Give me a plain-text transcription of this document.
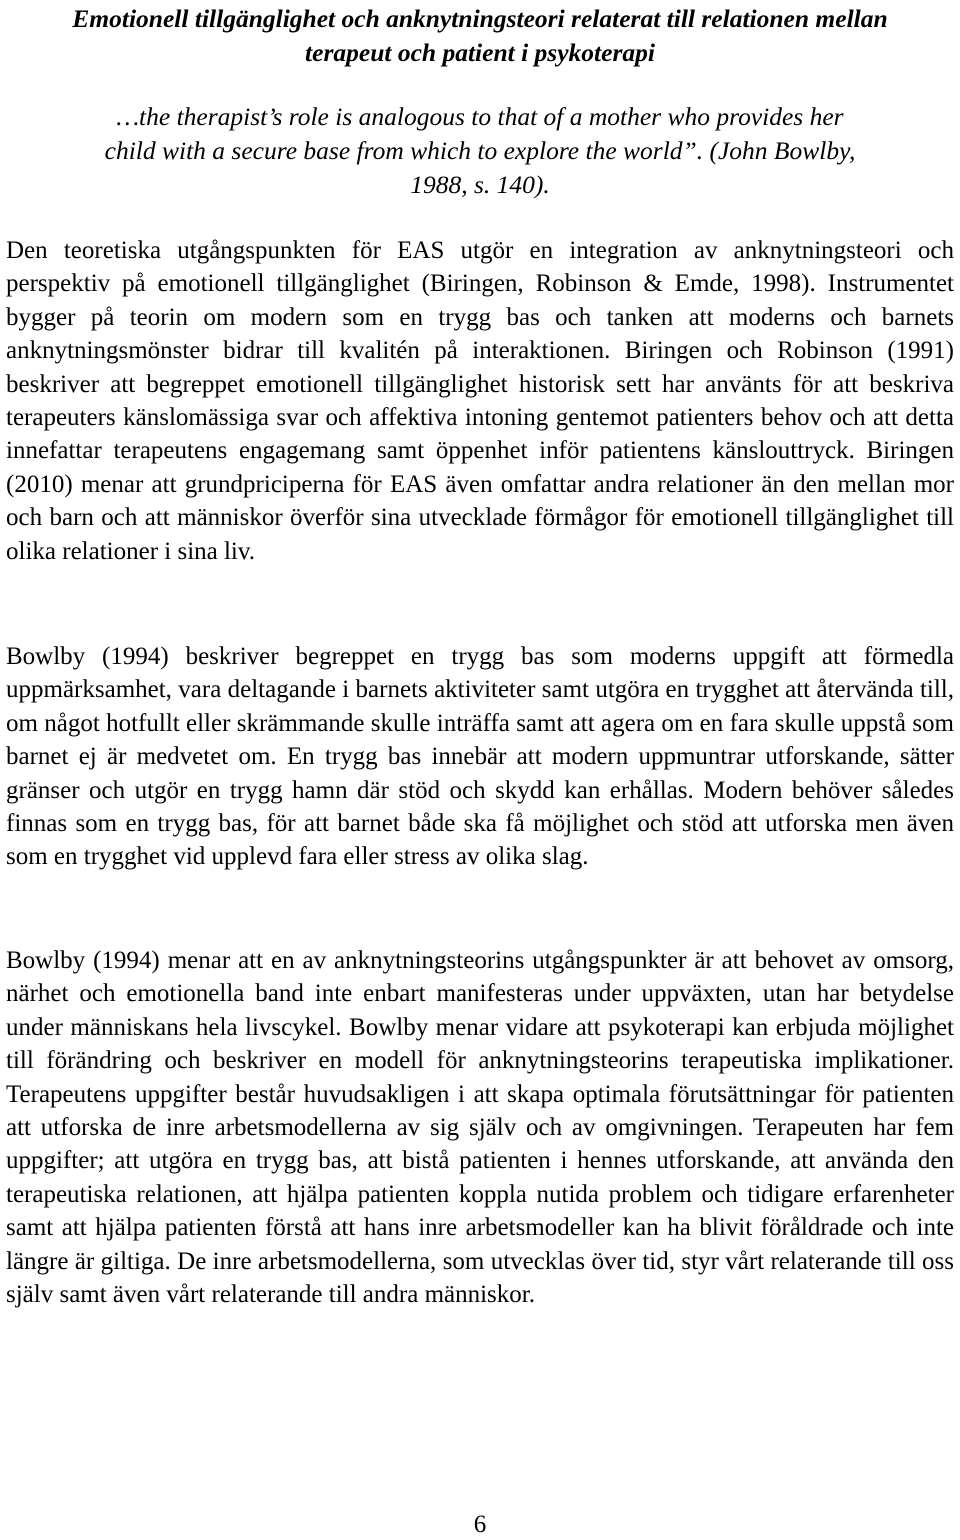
Emotionell tillgänglighet och anknytningsteori relaterat till relationen mellan terapeut och patient i psykoterapi

…the therapist’s role is analogous to that of a mother who provides her child with a secure base from which to explore the world”. (John Bowlby, 1988, s. 140).

Den teoretiska utgångspunkten för EAS utgör en integration av anknytningsteori och perspektiv på emotionell tillgänglighet (Biringen, Robinson & Emde, 1998). Instrumentet bygger på teorin om modern som en trygg bas och tanken att moderns och barnets anknytningsmönster bidrar till kvalitén på interaktionen. Biringen och Robinson (1991) beskriver att begreppet emotionell tillgänglighet historisk sett har använts för att beskriva terapeuters känslomässiga svar och affektiva intoning gentemot patienters behov och att detta innefattar terapeutens engagemang samt öppenhet inför patientens känslouttryck. Biringen (2010) menar att grundpriciperna för EAS även omfattar andra relationer än den mellan mor och barn och att människor överför sina utvecklade förmågor för emotionell tillgänglighet till olika relationer i sina liv.

Bowlby (1994) beskriver begreppet en trygg bas som moderns uppgift att förmedla uppmärksamhet, vara deltagande i barnets aktiviteter samt utgöra en trygghet att återvända till, om något hotfullt eller skrämmande skulle inträffa samt att agera om en fara skulle uppstå som barnet ej är medvetet om. En trygg bas innebär att modern uppmuntrar utforskande, sätter gränser och utgör en trygg hamn där stöd och skydd kan erhållas. Modern behöver således finnas som en trygg bas, för att barnet både ska få möjlighet och stöd att utforska men även som en trygghet vid upplevd fara eller stress av olika slag.

Bowlby (1994) menar att en av anknytningsteorins utgångspunkter är att behovet av omsorg, närhet och emotionella band inte enbart manifesteras under uppväxten, utan har betydelse under människans hela livscykel. Bowlby menar vidare att psykoterapi kan erbjuda möjlighet till förändring och beskriver en modell för anknytningsteorins terapeutiska implikationer. Terapeutens uppgifter består huvudsakligen i att skapa optimala förutsättningar för patienten att utforska de inre arbetsmodellerna av sig själv och av omgivningen. Terapeuten har fem uppgifter; att utgöra en trygg bas, att bistå patienten i hennes utforskande, att använda den terapeutiska relationen, att hjälpa patienten koppla nutida problem och tidigare erfarenheter samt att hjälpa patienten förstå att hans inre arbetsmodeller kan ha blivit föråldrade och inte längre är giltiga. De inre arbetsmodellerna, som utvecklas över tid, styr vårt relaterande till oss själv samt även vårt relaterande till andra människor.

6
